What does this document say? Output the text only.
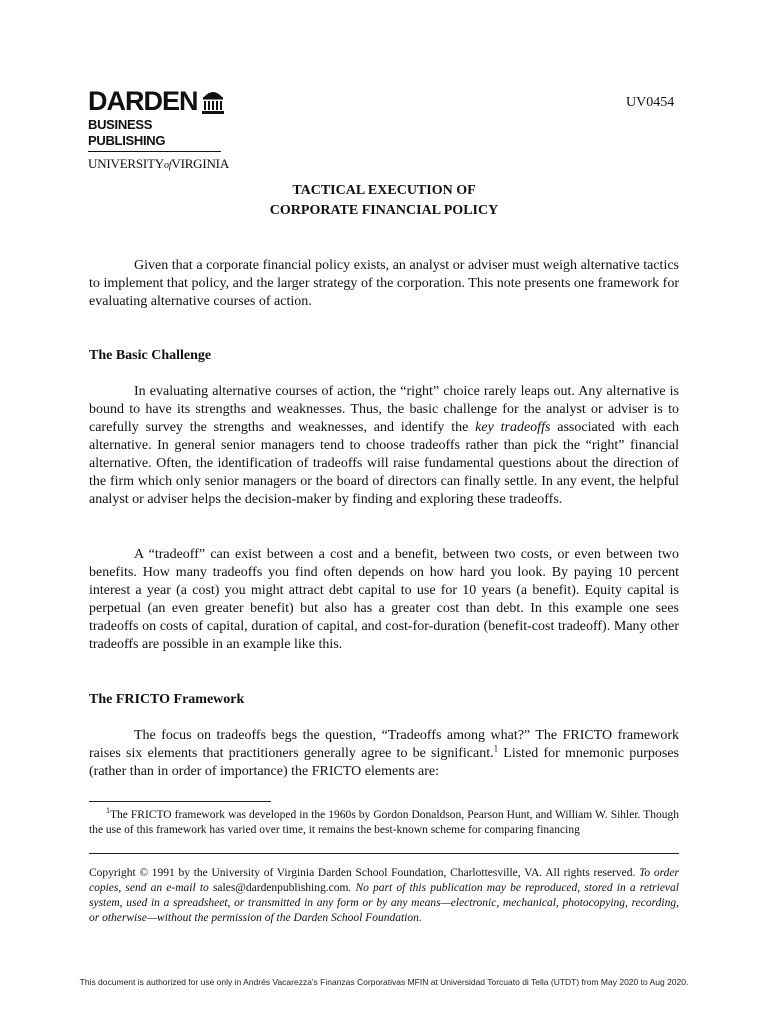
DARDEN
BUSINESS PUBLISHING
UNIVERSITYofVIRGINIA
UV0454
TACTICAL EXECUTION OF
CORPORATE FINANCIAL POLICY

Given that a corporate financial policy exists, an analyst or adviser must weigh alternative tactics to implement that policy, and the larger strategy of the corporation. This note presents one framework for evaluating alternative courses of action.

The Basic Challenge

In evaluating alternative courses of action, the “right” choice rarely leaps out. Any alternative is bound to have its strengths and weaknesses. Thus, the basic challenge for the analyst or adviser is to carefully survey the strengths and weaknesses, and identify the key tradeoffs associated with each alternative. In general senior managers tend to choose tradeoffs rather than pick the “right” financial alternative. Often, the identification of tradeoffs will raise fundamental questions about the direction of the firm which only senior managers or the board of directors can finally settle. In any event, the helpful analyst or adviser helps the decision-maker by finding and exploring these tradeoffs.

A “tradeoff” can exist between a cost and a benefit, between two costs, or even between two benefits. How many tradeoffs you find often depends on how hard you look. By paying 10 percent interest a year (a cost) you might attract debt capital to use for 10 years (a benefit). Equity capital is perpetual (an even greater benefit) but also has a greater cost than debt. In this example one sees tradeoffs on costs of capital, duration of capital, and cost-for-duration (benefit-cost tradeoff). Many other tradeoffs are possible in an example like this.

The FRICTO Framework

The focus on tradeoffs begs the question, “Tradeoffs among what?” The FRICTO framework raises six elements that practitioners generally agree to be significant.$^1$ Listed for mnemonic purposes (rather than in order of importance) the FRICTO elements are:

$^1$The FRICTO framework was developed in the 1960s by Gordon Donaldson, Pearson Hunt, and William W. Sihler. Though the use of this framework has varied over time, it remains the best-known scheme for comparing financing

Copyright © 1991 by the University of Virginia Darden School Foundation, Charlottesville, VA. All rights reserved. To order copies, send an e-mail to sales@dardenpublishing.com. No part of this publication may be reproduced, stored in a retrieval system, used in a spreadsheet, or transmitted in any form or by any means—electronic, mechanical, photocopying, recording, or otherwise—without the permission of the Darden School Foundation.

This document is authorized for use only in Andrés Vacarezza's Finanzas Corporativas MFIN at Universidad Torcuato di Tella (UTDT) from May 2020 to Aug 2020.
